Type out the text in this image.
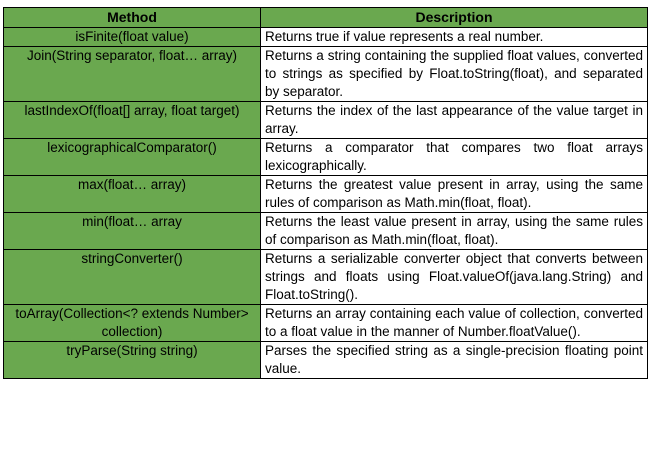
Method	Description
isFinite(float value)	Returns true if value represents a real number.
Join(String separator, float… array)	Returns a string containing the supplied float values, converted to strings as specified by Float.toString(float), and separated by separator.
lastIndexOf(float[] array, float target)	Returns the index of the last appearance of the value target in array.
lexicographicalComparator()	Returns a comparator that compares two float arrays lexicographically.
max(float… array)	Returns the greatest value present in array, using the same rules of comparison as Math.min(float, float).
min(float… array	Returns the least value present in array, using the same rules of comparison as Math.min(float, float).
stringConverter()	Returns a serializable converter object that converts between strings and floats using Float.valueOf(java.lang.String) and Float.toString().
toArray(Collection<? extends Number> collection)	Returns an array containing each value of collection, converted to a float value in the manner of Number.floatValue().
tryParse(String string)	Parses the specified string as a single-precision floating point value.
